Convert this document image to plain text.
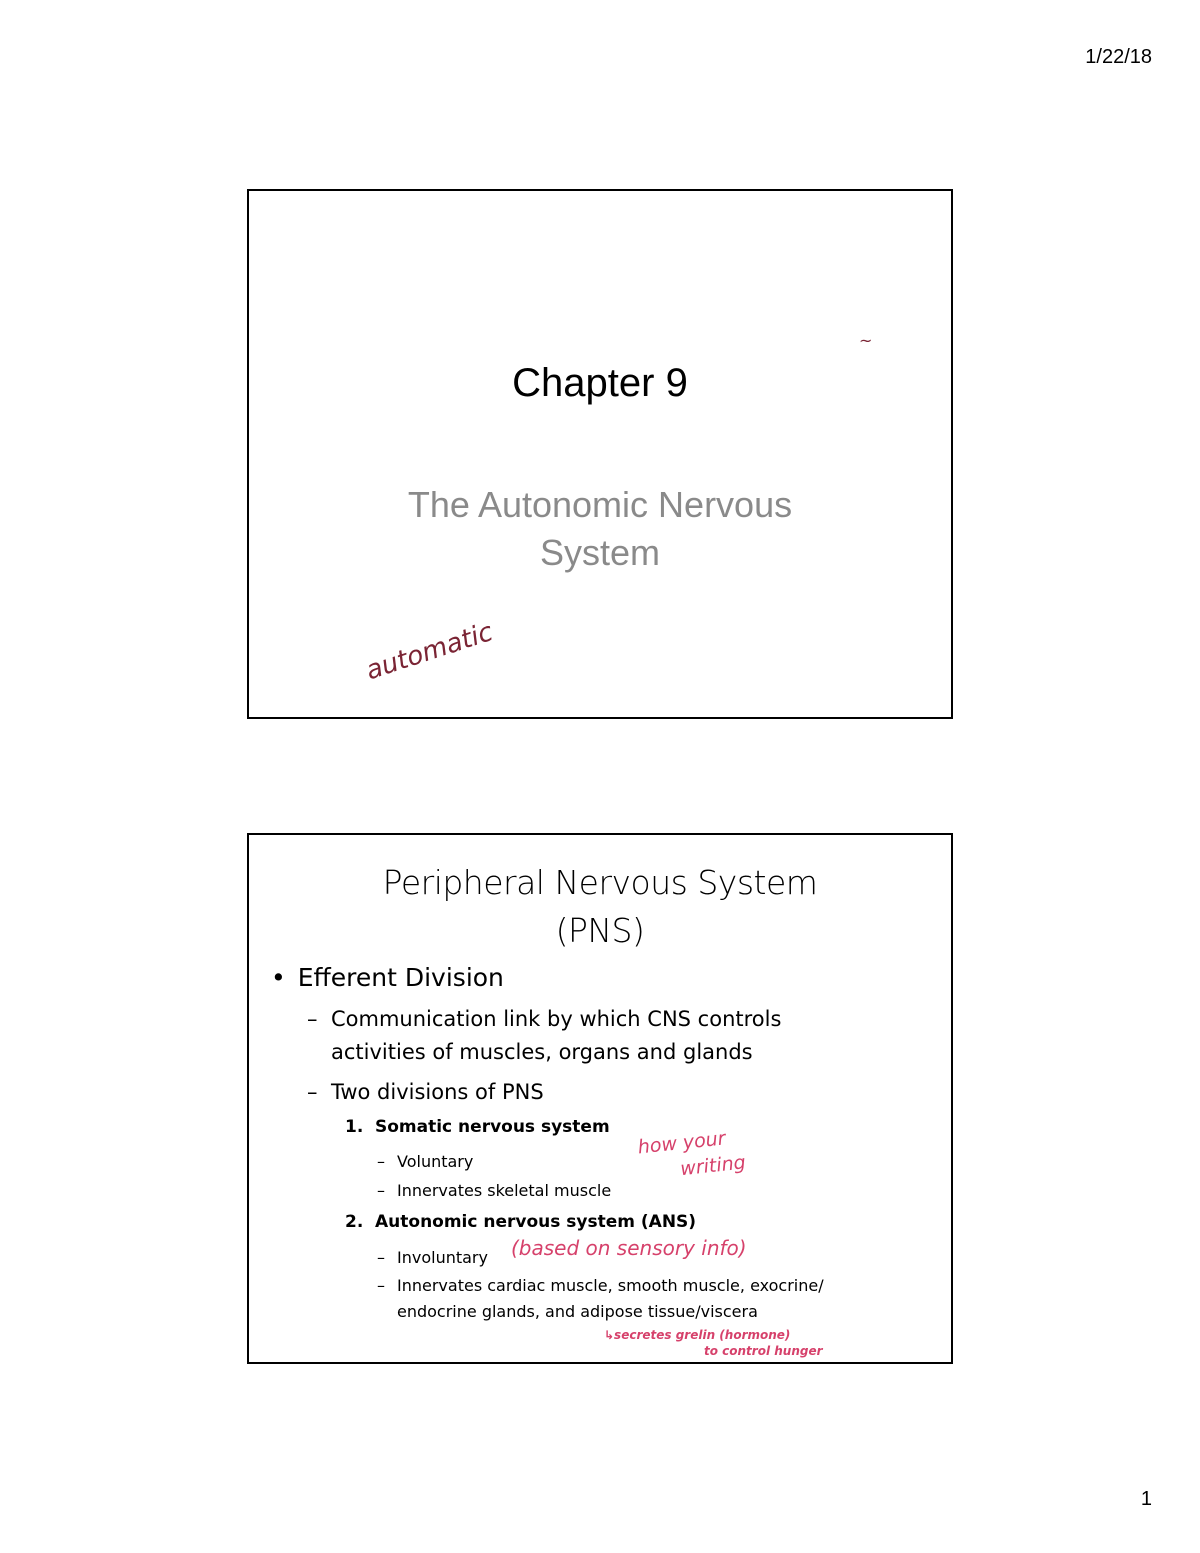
1/22/18
~
Chapter 9
The Autonomic Nervous
System
automatic
Peripheral Nervous System
(PNS)
• Efferent Division
– Communication link by which CNS controls
activities of muscles, organs and glands
– Two divisions of PNS
1. Somatic nervous system
– Voluntary
– Innervates skeletal muscle
2. Autonomic nervous system (ANS)
– Involuntary
– Innervates cardiac muscle, smooth muscle, exocrine/
endocrine glands, and adipose tissue/viscera
how your
writing
(based on sensory info)
↳secretes grelin (hormone)
to control hunger
1
